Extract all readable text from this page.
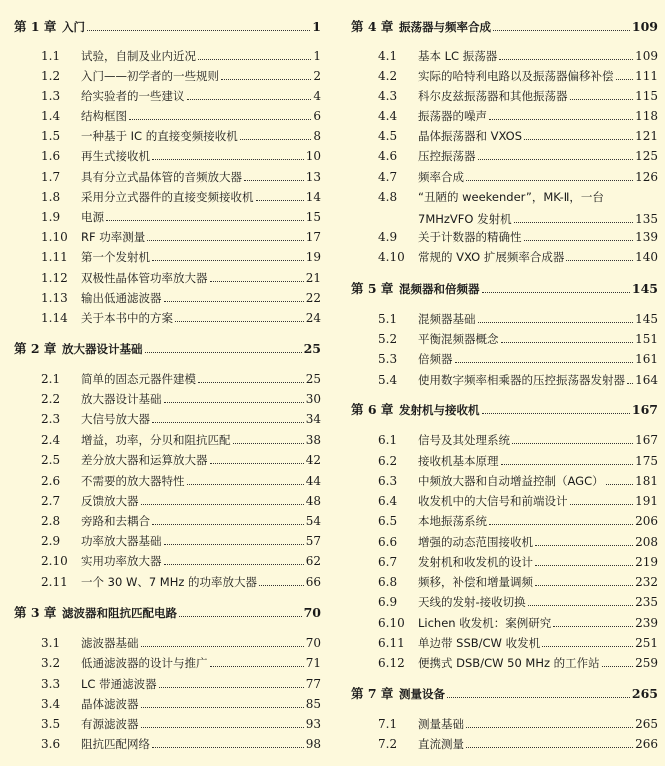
第 1 章 入门	1
1.1	试验，自制及业内近况	1
1.2	入门——初学者的一些规则	2
1.3	给实验者的一些建议	4
1.4	结构框图	6
1.5	一种基于 IC 的直接变频接收机	8
1.6	再生式接收机	10
1.7	具有分立式晶体管的音频放大器	13
1.8	采用分立式器件的直接变频接收机	14
1.9	电源	15
1.10	RF 功率测量	17
1.11	第一个发射机	19
1.12	双极性晶体管功率放大器	21
1.13	输出低通滤波器	22
1.14	关于本书中的方案	24
第 2 章 放大器设计基础	25
2.1	简单的固态元器件建模	25
2.2	放大器设计基础	30
2.3	大信号放大器	34
2.4	增益，功率，分贝和阻抗匹配	38
2.5	差分放大器和运算放大器	42
2.6	不需要的放大器特性	44
2.7	反馈放大器	48
2.8	旁路和去耦合	54
2.9	功率放大器基础	57
2.10	实用功率放大器	62
2.11	一个 30 W、7 MHz 的功率放大器	66
第 3 章 滤波器和阻抗匹配电路	70
3.1	滤波器基础	70
3.2	低通滤波器的设计与推广	71
3.3	LC 带通滤波器	77
3.4	晶体滤波器	85
3.5	有源滤波器	93
3.6	阻抗匹配网络	98
第 4 章 振荡器与频率合成	109
4.1	基本 LC 振荡器	109
4.2	实际的哈特利电路以及振荡器偏移补偿 111
4.3	科尔皮兹振荡器和其他振荡器	115
4.4	振荡器的噪声	118
4.5	晶体振荡器和 VXOS	121
4.6	压控振荡器	125
4.7	频率合成	126
4.8	“丑陋的 weekender”，MK-Ⅱ，一台
7MHzVFO 发射机	135
4.9	关于计数器的精确性	139
4.10	常规的 VXO 扩展频率合成器	140
第 5 章 混频器和倍频器	145
5.1	混频器基础	145
5.2	平衡混频器概念	151
5.3	倍频器	161
5.4	使用数字频率相乘器的压控振荡器发射器 164
第 6 章 发射机与接收机	167
6.1	信号及其处理系统	167
6.2	接收机基本原理	175
6.3	中频放大器和自动增益控制（AGC）	181
6.4	收发机中的大信号和前端设计	191
6.5	本地振荡系统	206
6.6	增强的动态范围接收机	208
6.7	发射机和收发机的设计	219
6.8	频移，补偿和增量调频	232
6.9	天线的发射-接收切换	235
6.10	Lichen 收发机：案例研究	239
6.11	单边带 SSB/CW 收发机	251
6.12	便携式 DSB/CW 50 MHz 的工作站	259
第 7 章 测量设备	265
7.1	测量基础	265
7.2	直流测量	266
